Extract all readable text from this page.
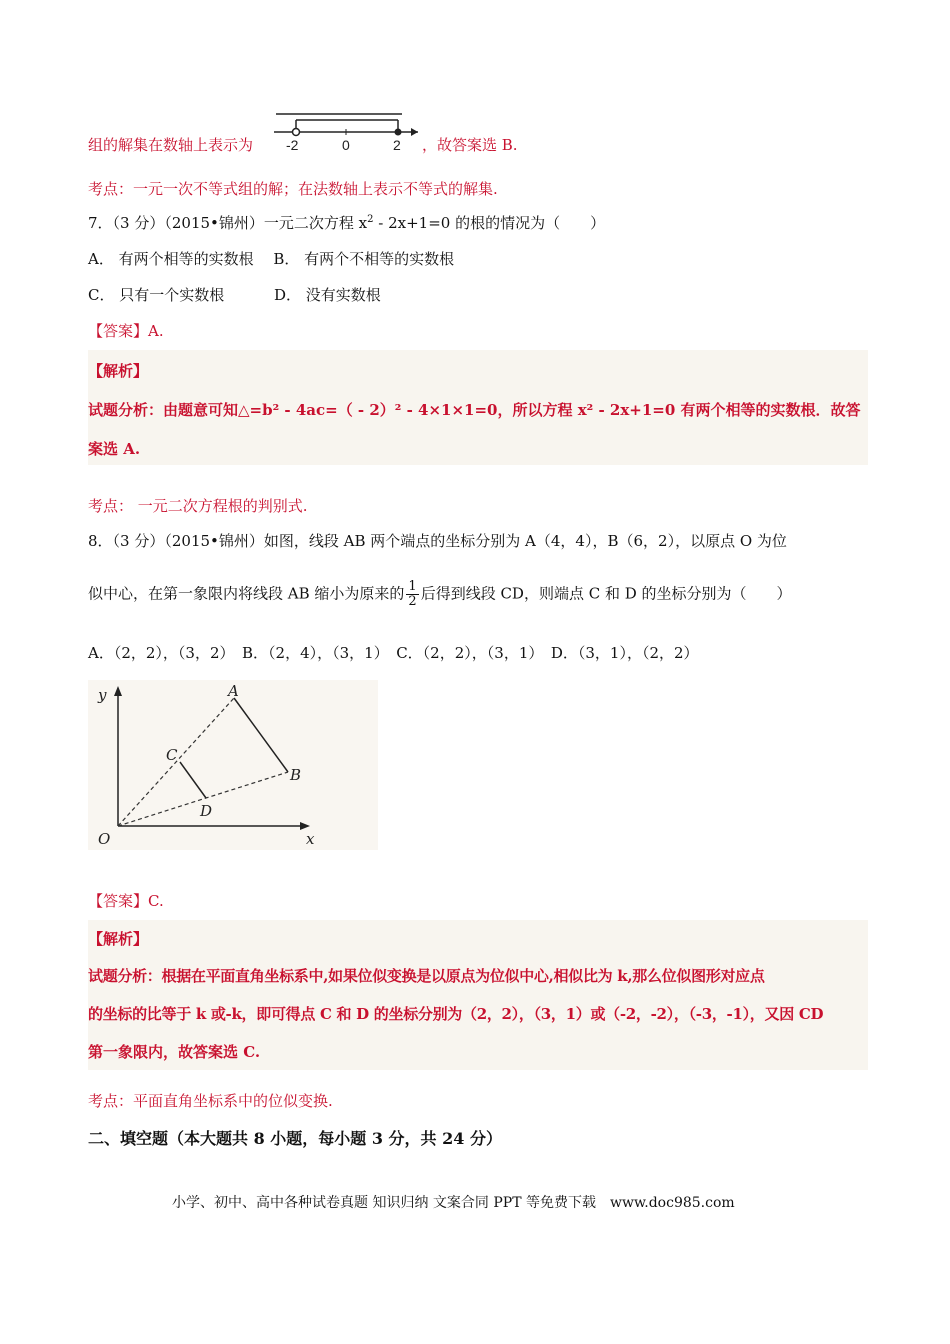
组的解集在数轴上表示为 -2	0	2 ，故答案选 B.
考点：一元一次不等式组的解；在法数轴上表示不等式的解集.
7．（3 分）（2015•锦州）一元二次方程 $x^2 - 2x+1=0$ 的根的情况为（　　）
A． 有两个相等的实数根　 B． 有两个不相等的实数根
C． 只有一个实数根　　　 D． 没有实数根
【答案】A.
【解析】
试题分析：由题意可知△=b² - 4ac=（ - 2）² - 4×1×1=0，所以方程 x² - 2x+1=0 有两个相等的实数根．故答
案选 A.
考点： 一元二次方程根的判别式.
8．（3 分）（2015•锦州）如图，线段 AB 两个端点的坐标分别为 A（4，4），B（6，2），以原点 O 为位
似中心，在第一象限内将线段 AB 缩小为原来的 $\frac{1}{2}$ 后得到线段 CD，则端点 C 和 D 的坐标分别为（　　）
A．（2，2），（3，2）　B．（2，4），（3，1）　C．（2，2），（3，1）　D．（3，1），（2，2）
y
x
O
A
B
C
D
【答案】C.
【解析】
试题分析：根据在平面直角坐标系中,如果位似变换是以原点为位似中心,相似比为 k,那么位似图形对应点
的坐标的比等于 k 或-k，即可得点 C 和 D 的坐标分别为（2，2），（3，1）或（-2，-2），（-3，-1），又因 CD
第一象限内，故答案选 C.
考点：平面直角坐标系中的位似变换.
二、填空题（本大题共 8 小题，每小题 3 分，共 24 分）
小学、初中、高中各种试卷真题 知识归纳 文案合同 PPT 等免费下载　www.doc985.com
